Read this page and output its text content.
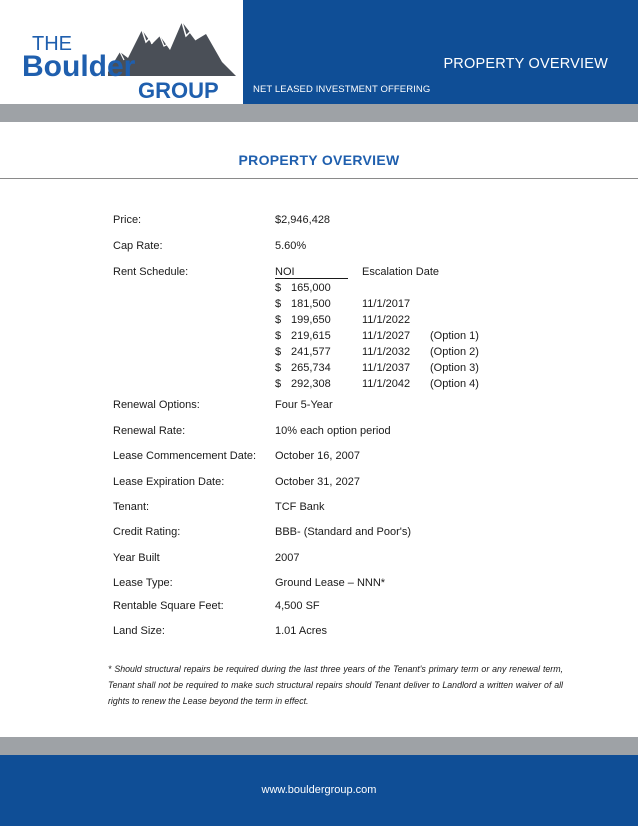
THE
Boulder
GROUP
PROPERTY OVERVIEW
NET LEASED INVESTMENT OFFERING
PROPERTY OVERVIEW
Price:	$2,946,428
Cap Rate:	5.60%
Rent Schedule:	NOI	Escalation Date
$ 165,000
$ 181,500	11/1/2017
$ 199,650	11/1/2022
$ 219,615	11/1/2027 (Option 1)
$ 241,577	11/1/2032 (Option 2)
$ 265,734	11/1/2037 (Option 3)
$ 292,308	11/1/2042 (Option 4)
Renewal Options:	Four 5-Year
Renewal Rate:	10% each option period
Lease Commencement Date: October 16, 2007
Lease Expiration Date:	October 31, 2027
Tenant:	TCF Bank
Credit Rating:	BBB- (Standard and Poor's)
Year Built	2007
Lease Type:	Ground Lease – NNN*
Rentable Square Feet:	4,500 SF
Land Size:	1.01 Acres
* Should structural repairs be required during the last three years of the Tenant's primary term or any renewal term, Tenant shall not be required to make such structural repairs should Tenant deliver to Landlord a written waiver of all rights to renew the Lease beyond the term in effect.
www.bouldergroup.com
